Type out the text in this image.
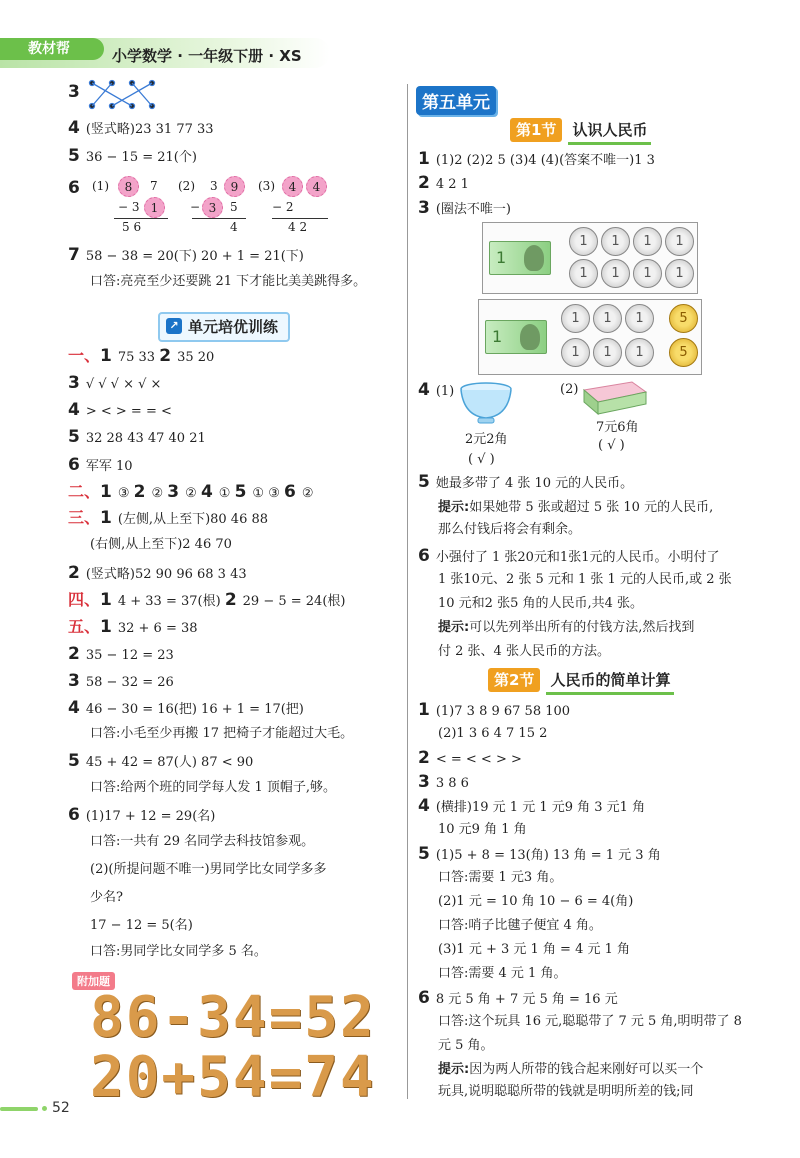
教材帮	小学数学 · 一年级下册 · XS
3
4 (竖式略)23 31 77 33
5 36 − 15 = 21(个)
6	(1)	8	7
− 3 1
5 6
(2) 3	9
− 3	5
4
(3)	4	4
− 2
4 2
7 58 − 38 = 20(下) 20 + 1 = 21(下)
口答:亮亮至少还要跳 21 下才能比美美跳得多。
↗ 单元培优训练
一、1 75 33 2 35 20
3 √ √ √ × √ ×
4 > < > = = <
5 32 28 43 47 40 21
6 军军 10
二、1 ③ 2 ② 3 ② 4 ① 5 ① ③ 6 ②
三、1 (左侧,从上至下)80 46 88
(右侧,从上至下)2 46 70
2 (竖式略)52 90 96 68 3 43
四、1 4 + 33 = 37(根) 2 29 − 5 = 24(根)
五、1 32 + 6 = 38
2 35 − 12 = 23
3 58 − 32 = 26
4 46 − 30 = 16(把) 16 + 1 = 17(把)
口答:小毛至少再搬 17 把椅子才能超过大毛。
5 45 + 42 = 87(人) 87 < 90
口答:给两个班的同学每人发 1 顶帽子,够。
6 (1)17 + 12 = 29(名)
口答:一共有 29 名同学去科技馆参观。
(2)(所提问题不唯一)男同学比女同学多多
少名?
17 − 12 = 5(名)
口答:男同学比女同学多 5 名。
附加题
86-34=52
20+54=74
第五单元
第1节 认识人民币
1 (1)2 (2)2 5 (3)4 (4)(答案不唯一)1 3
2 4 2 1
3 (圈法不唯一)
1
1	1	1	1
1	1	1	1
1
1	1	1	5
1	1	1	5
4 (1)	(2)
2元2角
( √ )
7元6角
( √ )
5 她最多带了 4 张 10 元的人民币。
提示:如果她带 5 张或超过 5 张 10 元的人民币,
那么付钱后将会有剩余。
6 小强付了 1 张20元和1张1元的人民币。小明付了
1 张10元、2 张 5 元和 1 张 1 元的人民币,或 2 张
10 元和2 张5 角的人民币,共4 张。
提示:可以先列举出所有的付钱方法,然后找到
付 2 张、4 张人民币的方法。
第2节 人民币的简单计算
1 (1)7 3 8 9 67 58 100
(2)1 3 6 4 7 15 2
2 < = < < > >
3 3 8 6
4 (横排)19 元 1 元 1 元9 角 3 元1 角
10 元9 角 1 角
5 (1)5 + 8 = 13(角) 13 角 = 1 元 3 角
口答:需要 1 元3 角。
(2)1 元 = 10 角 10 − 6 = 4(角)
口答:哨子比毽子便宜 4 角。
(3)1 元 + 3 元 1 角 = 4 元 1 角
口答:需要 4 元 1 角。
6 8 元 5 角 + 7 元 5 角 = 16 元
口答:这个玩具 16 元,聪聪带了 7 元 5 角,明明带了 8
元 5 角。
提示:因为两人所带的钱合起来刚好可以买一个
玩具,说明聪聪所带的钱就是明明所差的钱;同
52
